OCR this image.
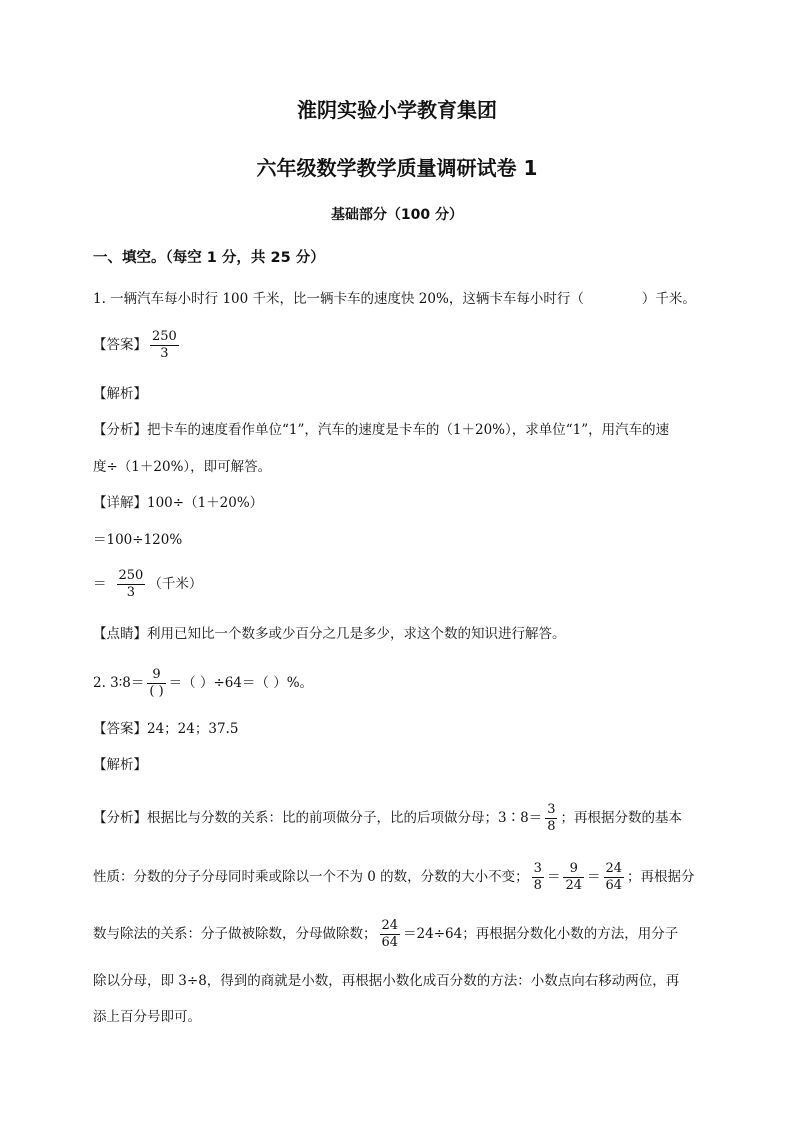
淮阴实验小学教育集团
六年级数学教学质量调研试卷 1
基础部分（100 分）
一、填空。（每空 1 分，共 25 分）
1. 一辆汽车每小时行 100 千米，比一辆卡车的速度快 20%，这辆卡车每小时行（	）千米。
【答案】 $\frac{250}{3}$
【解析】
【分析】把卡车的速度看作单位“1”，汽车的速度是卡车的（1＋20%），求单位“1”，用汽车的速
度÷（1＋20%），即可解答。
【详解】100÷（1＋20%）
＝100÷120%
＝ $\frac{250}{3}$ （千米）
【点睛】利用已知比一个数多或少百分之几是多少，求这个数的知识进行解答。
2. 3∶8＝ $\frac{9}{( )}$ ＝（ ）÷64＝（ ）%。
【答案】24；24；37.5
【解析】
【分析】根据比与分数的关系：比的前项做分子，比的后项做分母；3∶8＝ $\frac{3}{8}$ ；再根据分数的基本
性质：分数的分子分母同时乘或除以一个不为 0 的数，分数的大小不变； $\frac{3}{8} = \frac{9}{24} = \frac{24}{64}$ ；再根据分
数与除法的关系：分子做被除数，分母做除数； $\frac{24}{64} =24\div 64$；再根据分数化小数的方法，用分子
除以分母，即 3÷8，得到的商就是小数，再根据小数化成百分数的方法：小数点向右移动两位，再
添上百分号即可。
